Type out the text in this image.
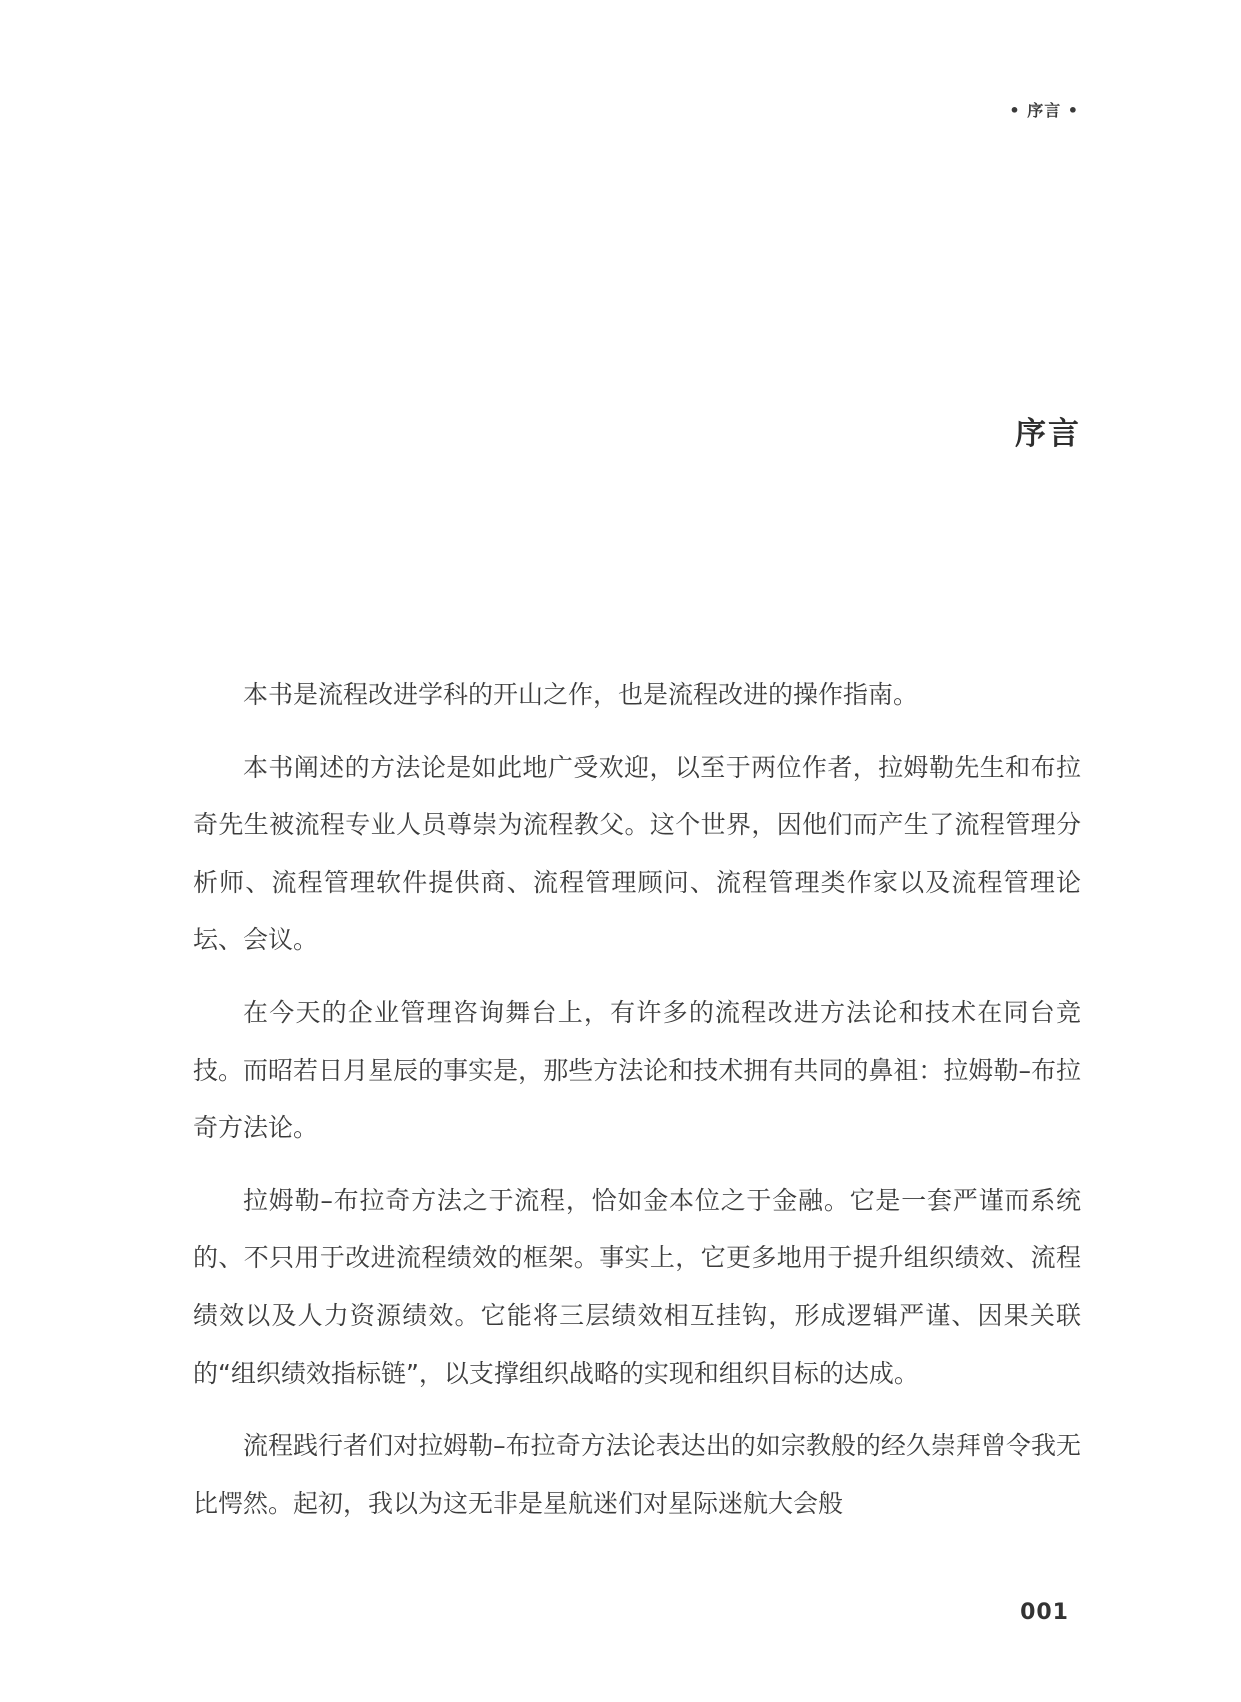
• 序言 •
序言

本书是流程改进学科的开山之作，也是流程改进的操作指南。

本书阐述的方法论是如此地广受欢迎，以至于两位作者，拉姆勒先生和布拉奇先生被流程专业人员尊崇为流程教父。这个世界，因他们而产生了流程管理分析师、流程管理软件提供商、流程管理顾问、流程管理类作家以及流程管理论坛、会议。

在今天的企业管理咨询舞台上，有许多的流程改进方法论和技术在同台竞技。而昭若日月星辰的事实是，那些方法论和技术拥有共同的鼻祖：拉姆勒–布拉奇方法论。

拉姆勒–布拉奇方法之于流程，恰如金本位之于金融。它是一套严谨而系统的、不只用于改进流程绩效的框架。事实上，它更多地用于提升组织绩效、流程绩效以及人力资源绩效。它能将三层绩效相互挂钩，形成逻辑严谨、因果关联的“组织绩效指标链”，以支撑组织战略的实现和组织目标的达成。

流程践行者们对拉姆勒–布拉奇方法论表达出的如宗教般的经久崇拜曾令我无比愕然。起初，我以为这无非是星航迷们对星际迷航大会般

001
